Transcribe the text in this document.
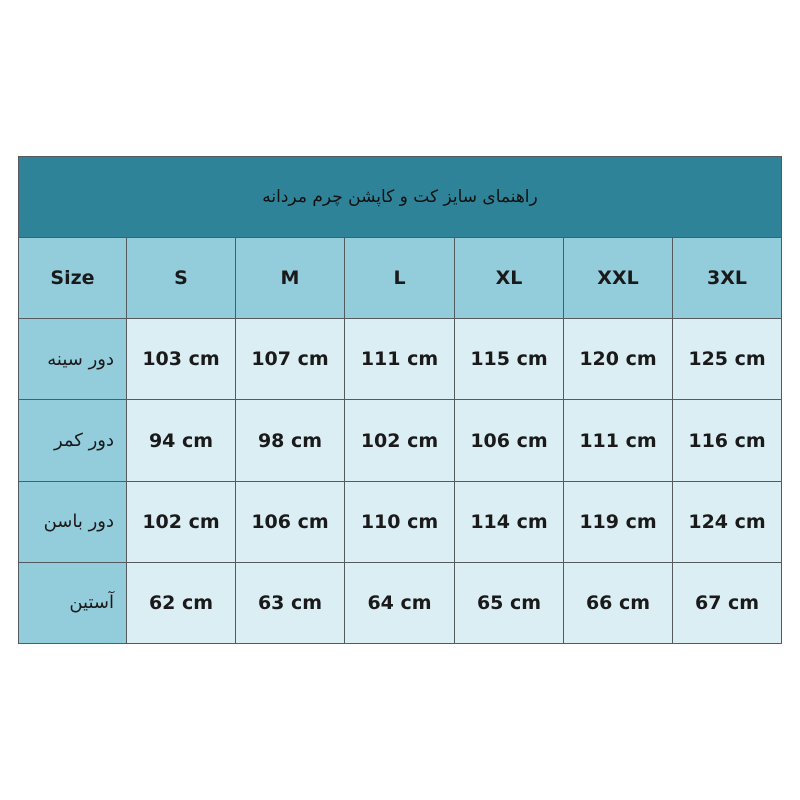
راهنمای سایز کت و کاپشن چرم مردانه						
Size	S	M	L	XL	XXL	3XL
دور سینه	103 cm	107 cm	111 cm	115 cm	120 cm	125 cm
دور کمر	94 cm	98 cm	102 cm	106 cm	111 cm	116 cm
دور باسن	102 cm	106 cm	110 cm	114 cm	119 cm	124 cm
آستین	62 cm	63 cm	64 cm	65 cm	66 cm	67 cm
